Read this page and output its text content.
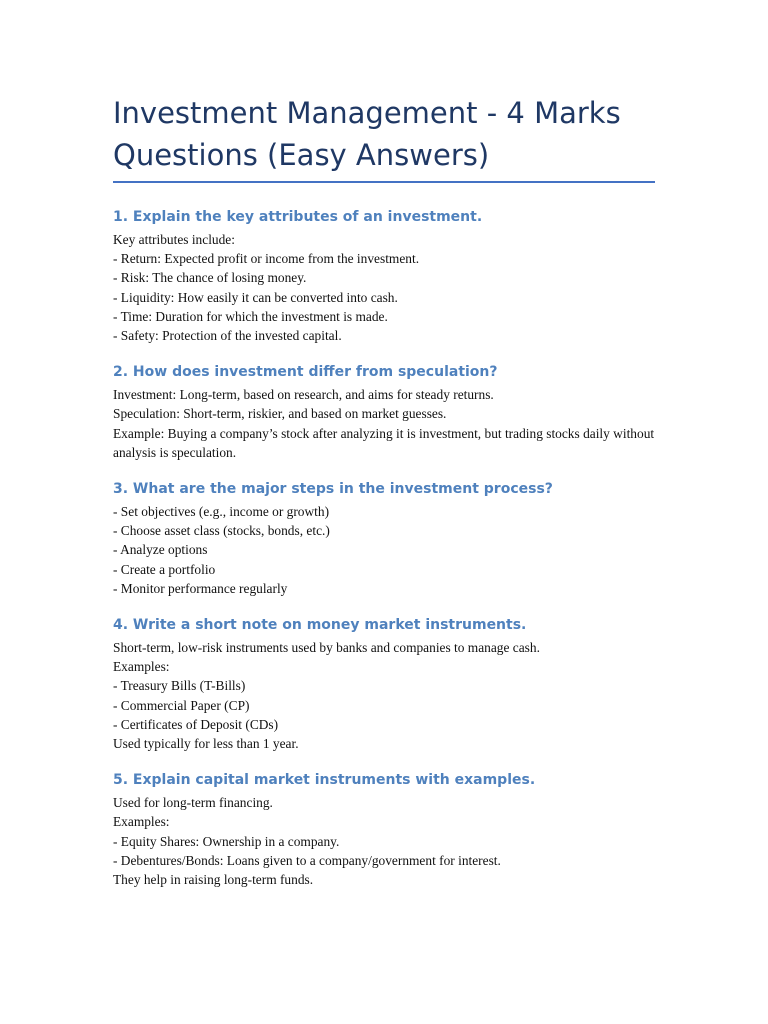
Investment Management - 4 Marks Questions (Easy Answers)
1. Explain the key attributes of an investment.
Key attributes include:
- Return: Expected profit or income from the investment.
- Risk: The chance of losing money.
- Liquidity: How easily it can be converted into cash.
- Time: Duration for which the investment is made.
- Safety: Protection of the invested capital.
2. How does investment differ from speculation?
Investment: Long-term, based on research, and aims for steady returns.
Speculation: Short-term, riskier, and based on market guesses.
Example: Buying a company’s stock after analyzing it is investment, but trading stocks daily without analysis is speculation.
3. What are the major steps in the investment process?
- Set objectives (e.g., income or growth)
- Choose asset class (stocks, bonds, etc.)
- Analyze options
- Create a portfolio
- Monitor performance regularly
4. Write a short note on money market instruments.
Short-term, low-risk instruments used by banks and companies to manage cash.
Examples:
- Treasury Bills (T-Bills)
- Commercial Paper (CP)
- Certificates of Deposit (CDs)
Used typically for less than 1 year.
5. Explain capital market instruments with examples.
Used for long-term financing.
Examples:
- Equity Shares: Ownership in a company.
- Debentures/Bonds: Loans given to a company/government for interest.
They help in raising long-term funds.
